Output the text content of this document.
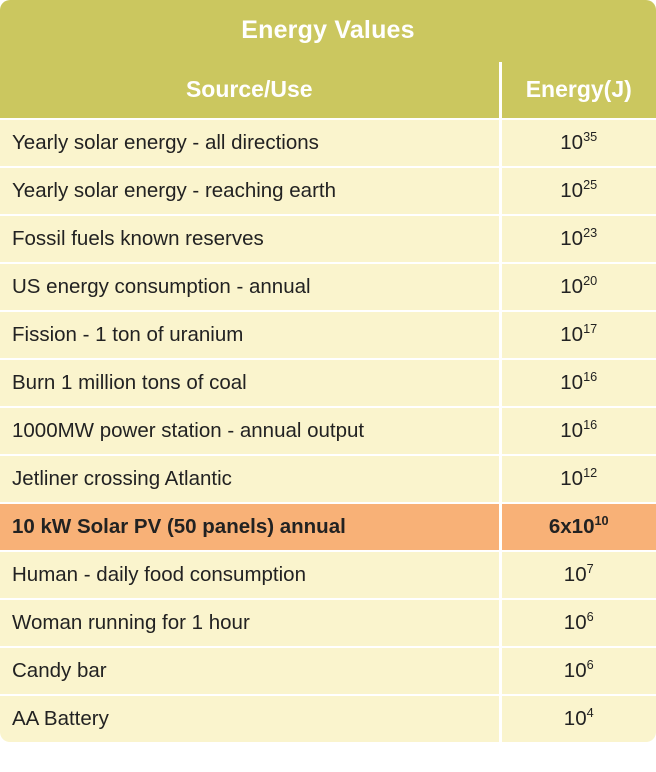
Energy Values	
Source/Use	Energy(J)
Yearly solar energy - all directions	$10^{35}$
Yearly solar energy - reaching earth	$10^{25}$
Fossil fuels known reserves	$10^{23}$
US energy consumption - annual	$10^{20}$
Fission - 1 ton of uranium	$10^{17}$
Burn 1 million tons of coal	$10^{16}$
1000MW power station - annual output	$10^{16}$
Jetliner crossing Atlantic	$10^{12}$
10 kW Solar PV (50 panels) annual	$6x10^{10}$
Human - daily food consumption	$10^7$
Woman running for 1 hour	$10^6$
Candy bar	$10^6$
AA Battery	$10^4$
